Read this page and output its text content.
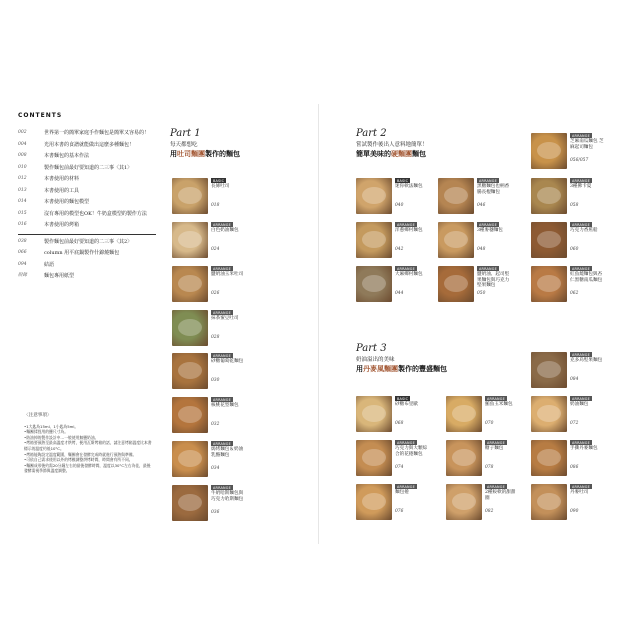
CONTENTS
002	世界第一的簡單家庭手作麵包是簡單又容易的！
004	光用本書的食譜就能做出這麼多種麵包！
008	本書麵包的基本作法
010	製作麵包前最好要知道的二三事〈其1〉
012	本書使用的材料
013	本書使用的工具
014	本書使用的麵包模型
015	沒有專用的模型也OK！牛奶盒模型的製作方法
016	本書使用的烤箱
038	製作麵包前最好要知道的二三事〈其2〉
066	column 用平底鍋製作什錦燒麵包
094	結語
附錄	麵包專用紙型
〈注意事項〉
•1大匙為15ml、1小匙為5ml。
•麵團揉捏用的鹽尺寸為。
•防油掉的製作設計中…一般使用無鹽奶油。
•烤箱要預熱至最高溫度才烘烤，便用瓦斯烤箱的話，請注意烤箱溫度比本書標示的溫度約低10°C。
•烤箱能夠設定溫度範圍，麵團會在發酵完成時就進行預熱與準備。
•可依自己需求使用以外的烤模調整烘烤時間，時間會有所不同。
•麵團成形後約需20分鐘左右的最後發酵時間，溫度以30°C左右為佳，最後發酵需視季節與溫度調整。
Part 1
每天都想吃
用吐司麵團製作的麵包
Part 2
嘗試製作後出人意料地簡單！
簡單美味的硬麵團麵包
Part 3
奶油溢出的美味
用丹麥風麵團製作的豐盛麵包
BASIC
長條吐司
018
ARRANGE
白色奶油麵包
024
ARRANGE
鹽奶油玉米吐司
026
ARRANGE
抹茶蜜豆吐司
028
ARRANGE
砂糖葡萄乾麵包
030
ARRANGE
核桃花型麵包
032
ARRANGE
焗烤麵包＆奶油乳酪麵包
034
ARRANGE
牛奶哈斯麵包與巧克力哈斯麵包
036
BASIC
迷你軟法麵包
040
ARRANGE
洋蔥鄉村麵包
042
ARRANGE
大麻鄉村麵包
044
ARRANGE
黑糖麵包也柄香腸長棍麵包
046
ARRANGE
3種麥穗麵包
048
ARRANGE
鹽奶油、起司堅果麵包與巧克力堅果麵包
050
ARRANGE
芝麻南瓜麵包 芝麻起司麵包
056/057
ARRANGE
3種佛卡夏
058
ARRANGE
巧克力香蕉船
060
ARRANGE
紅魚燒麵包與杏仁黑糖南瓜麵包
062
BASIC
砂糖布里歐
068
ARRANGE
巧克力與大顆綜合的花捲麵包
074
ARRANGE
麵包捲
076
ARRANGE
鮪魚玉米麵包
070
ARRANGE
糖子麵包
078
ARRANGE
2種較軟的甜甜圈
082
ARRANGE
奶油麵包
072
ARRANGE
手撕丹麥麵包
086
ARRANGE
丹麥吐司
090
ARRANGE
克多烏堅果麵包
084
